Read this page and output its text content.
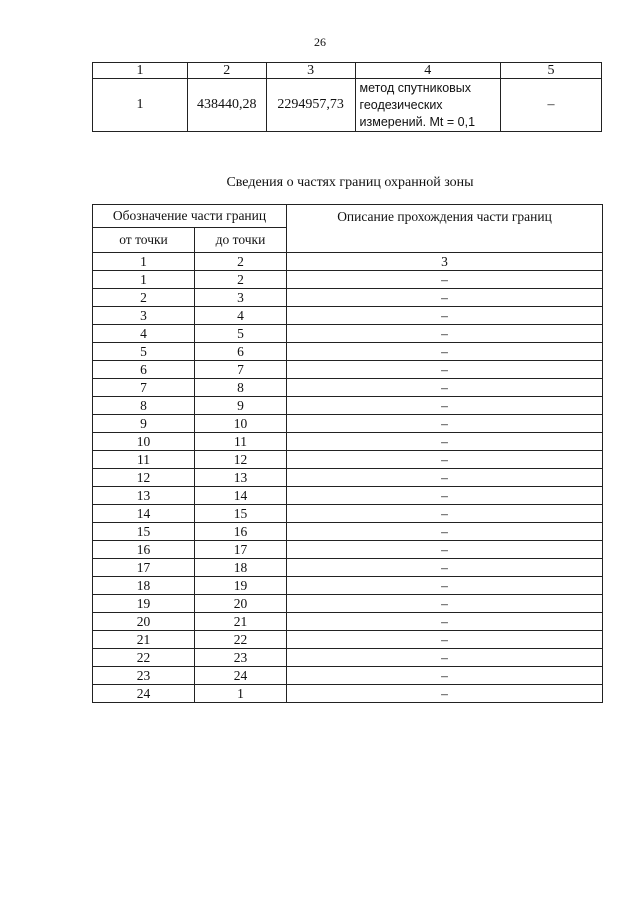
26
1	2	3	4	5
1	438440,28	2294957,73	метод спутниковых
геодезических
измерений. Mt = 0,1	–
Сведения о частях границ охранной зоны
Обозначение части границ		Описание прохождения части границ
от точки	до точки	
1	2	3
1	2	–
2	3	–
3	4	–
4	5	–
5	6	–
6	7	–
7	8	–
8	9	–
9	10	–
10	11	–
11	12	–
12	13	–
13	14	–
14	15	–
15	16	–
16	17	–
17	18	–
18	19	–
19	20	–
20	21	–
21	22	–
22	23	–
23	24	–
24	1	–
